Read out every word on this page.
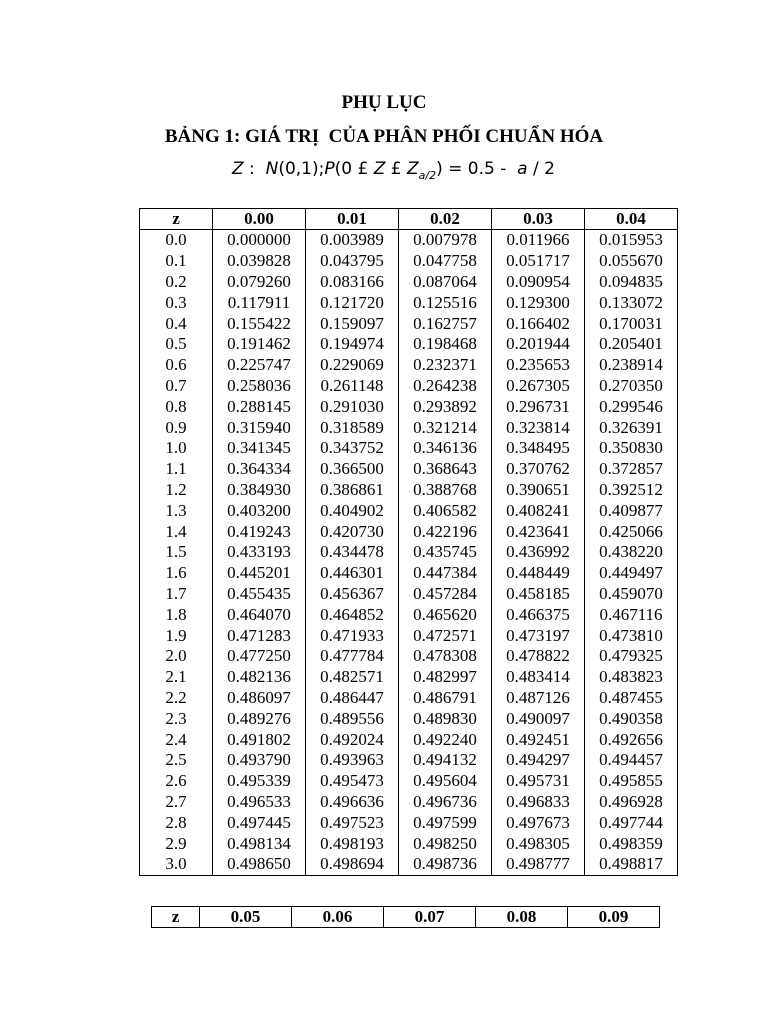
PHỤ LỤC
BẢNG 1: GIÁ TRỊ  CỦA PHÂN PHỐI CHUẨN HÓA
Z :  N(0,1);P(0 £ Z £ $Z_{a/2}) = 0.5 - a / 2$
z	0.00	0.01	0.02	0.03	0.04
0.0	0.000000	0.003989	0.007978	0.011966	0.015953
0.1	0.039828	0.043795	0.047758	0.051717	0.055670
0.2	0.079260	0.083166	0.087064	0.090954	0.094835
0.3	0.117911	0.121720	0.125516	0.129300	0.133072
0.4	0.155422	0.159097	0.162757	0.166402	0.170031
0.5	0.191462	0.194974	0.198468	0.201944	0.205401
0.6	0.225747	0.229069	0.232371	0.235653	0.238914
0.7	0.258036	0.261148	0.264238	0.267305	0.270350
0.8	0.288145	0.291030	0.293892	0.296731	0.299546
0.9	0.315940	0.318589	0.321214	0.323814	0.326391
1.0	0.341345	0.343752	0.346136	0.348495	0.350830
1.1	0.364334	0.366500	0.368643	0.370762	0.372857
1.2	0.384930	0.386861	0.388768	0.390651	0.392512
1.3	0.403200	0.404902	0.406582	0.408241	0.409877
1.4	0.419243	0.420730	0.422196	0.423641	0.425066
1.5	0.433193	0.434478	0.435745	0.436992	0.438220
1.6	0.445201	0.446301	0.447384	0.448449	0.449497
1.7	0.455435	0.456367	0.457284	0.458185	0.459070
1.8	0.464070	0.464852	0.465620	0.466375	0.467116
1.9	0.471283	0.471933	0.472571	0.473197	0.473810
2.0	0.477250	0.477784	0.478308	0.478822	0.479325
2.1	0.482136	0.482571	0.482997	0.483414	0.483823
2.2	0.486097	0.486447	0.486791	0.487126	0.487455
2.3	0.489276	0.489556	0.489830	0.490097	0.490358
2.4	0.491802	0.492024	0.492240	0.492451	0.492656
2.5	0.493790	0.493963	0.494132	0.494297	0.494457
2.6	0.495339	0.495473	0.495604	0.495731	0.495855
2.7	0.496533	0.496636	0.496736	0.496833	0.496928
2.8	0.497445	0.497523	0.497599	0.497673	0.497744
2.9	0.498134	0.498193	0.498250	0.498305	0.498359
3.0	0.498650	0.498694	0.498736	0.498777	0.498817
z	0.05	0.06	0.07	0.08	0.09
